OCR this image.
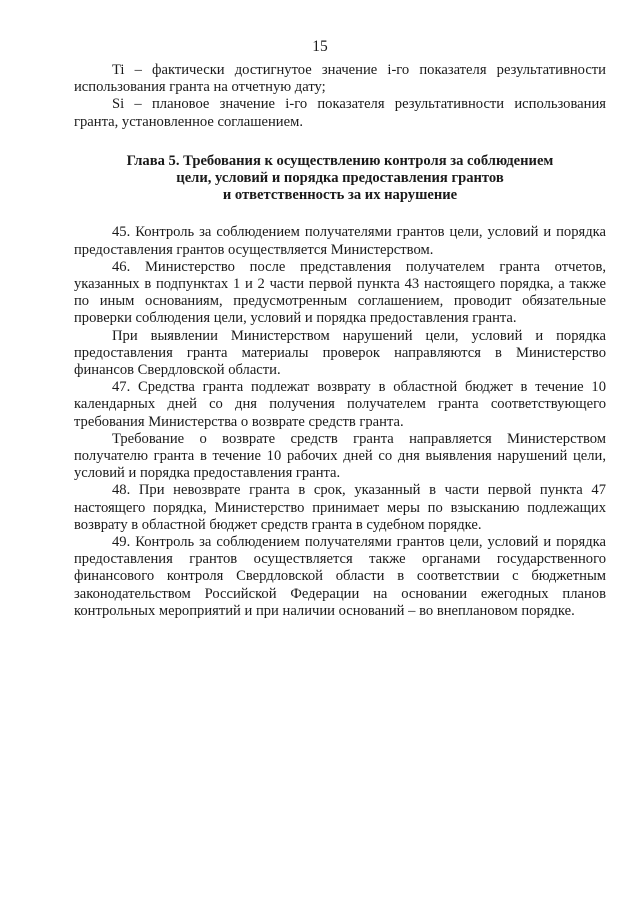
15

Ti – фактически достигнутое значение i-го показателя результативности использования гранта на отчетную дату;

Si – плановое значение i-го показателя результативности использования гранта, установленное соглашением.

Глава 5. Требования к осуществлению контроля за соблюдением
цели, условий и порядка предоставления грантов
и ответственность за их нарушение

45. Контроль за соблюдением получателями грантов цели, условий и порядка предоставления грантов осуществляется Министерством.

46. Министерство после представления получателем гранта отчетов, указанных в подпунктах 1 и 2 части первой пункта 43 настоящего порядка, а также по иным основаниям, предусмотренным соглашением, проводит обязательные проверки соблюдения цели, условий и порядка предоставления гранта.

При выявлении Министерством нарушений цели, условий и порядка предоставления гранта материалы проверок направляются в Министерство финансов Свердловской области.

47. Средства гранта подлежат возврату в областной бюджет в течение 10 календарных дней со дня получения получателем гранта соответствующего требования Министерства о возврате средств гранта.

Требование о возврате средств гранта направляется Министерством получателю гранта в течение 10 рабочих дней со дня выявления нарушений цели, условий и порядка предоставления гранта.

48. При невозврате гранта в срок, указанный в части первой пункта 47 настоящего порядка, Министерство принимает меры по взысканию подлежащих возврату в областной бюджет средств гранта в судебном порядке.

49. Контроль за соблюдением получателями грантов цели, условий и порядка предоставления грантов осуществляется также органами государственного финансового контроля Свердловской области в соответствии с бюджетным законодательством Российской Федерации на основании ежегодных планов контрольных мероприятий и при наличии оснований – во внеплановом порядке.
